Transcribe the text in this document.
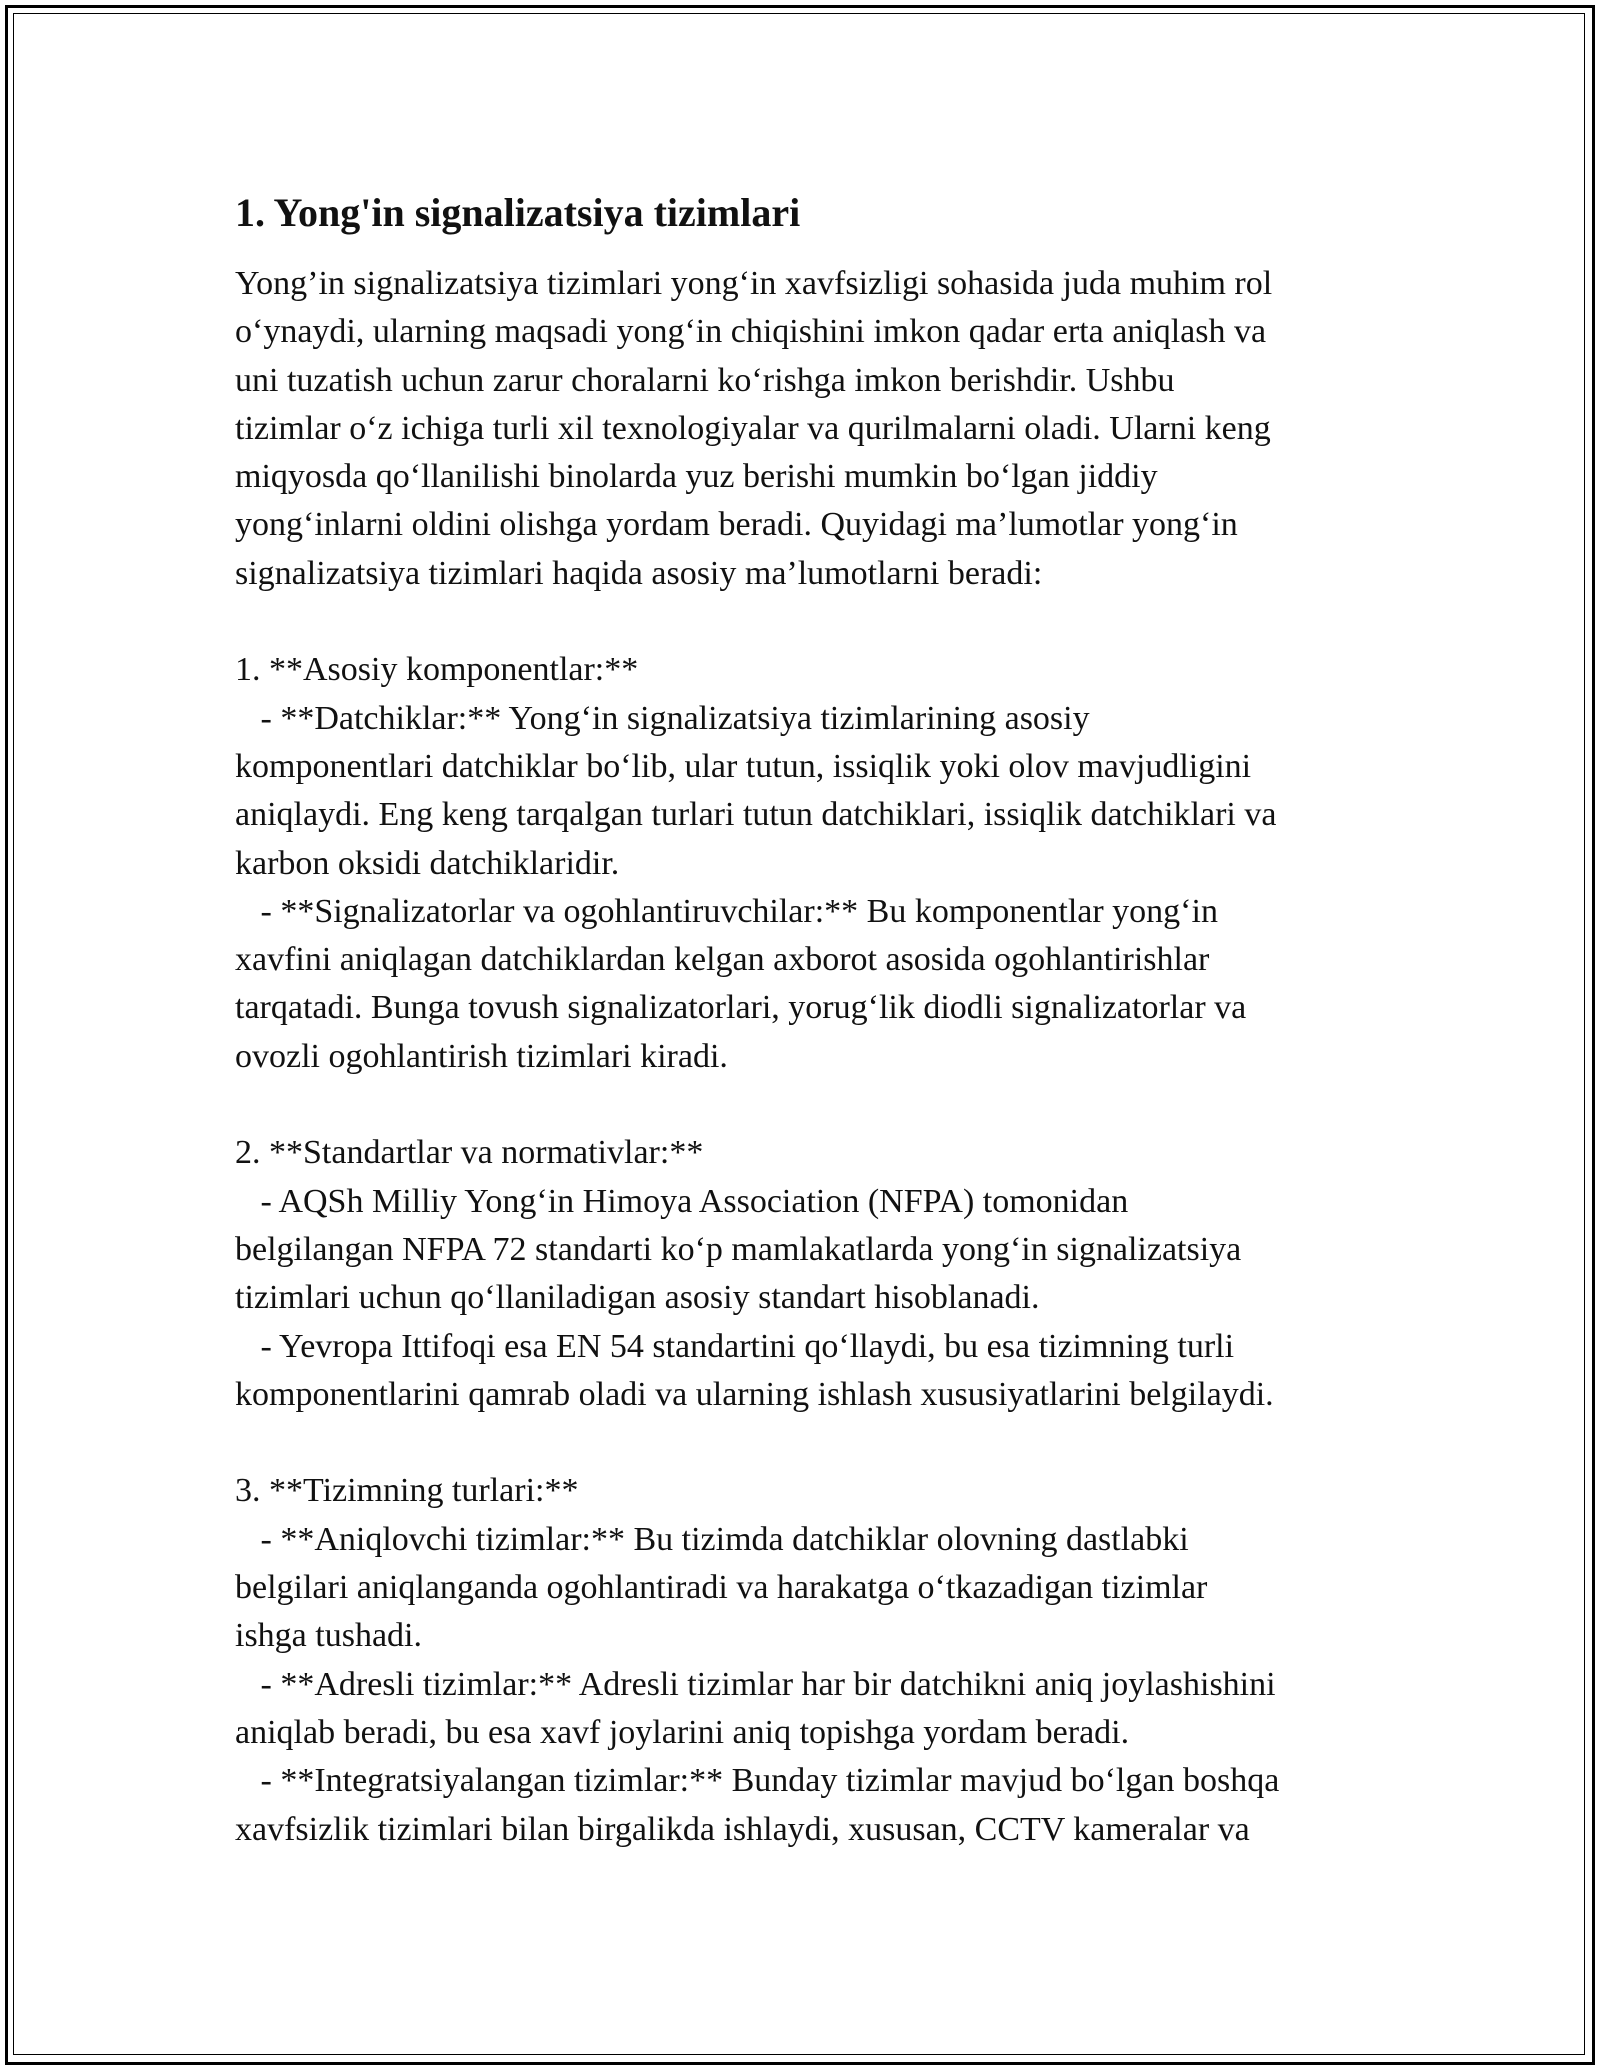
1. Yong'in signalizatsiya tizimlari
Yong’in signalizatsiya tizimlari yong‘in xavfsizligi sohasida juda muhim rol
o‘ynaydi, ularning maqsadi yong‘in chiqishini imkon qadar erta aniqlash va
uni tuzatish uchun zarur choralarni ko‘rishga imkon berishdir. Ushbu
tizimlar o‘z ichiga turli xil texnologiyalar va qurilmalarni oladi. Ularni keng
miqyosda qo‘llanilishi binolarda yuz berishi mumkin bo‘lgan jiddiy
yong‘inlarni oldini olishga yordam beradi. Quyidagi ma’lumotlar yong‘in
signalizatsiya tizimlari haqida asosiy ma’lumotlarni beradi:
1. **Asosiy komponentlar:**
- **Datchiklar:** Yong‘in signalizatsiya tizimlarining asosiy
komponentlari datchiklar bo‘lib, ular tutun, issiqlik yoki olov mavjudligini
aniqlaydi. Eng keng tarqalgan turlari tutun datchiklari, issiqlik datchiklari va
karbon oksidi datchiklaridir.
- **Signalizatorlar va ogohlantiruvchilar:** Bu komponentlar yong‘in
xavfini aniqlagan datchiklardan kelgan axborot asosida ogohlantirishlar
tarqatadi. Bunga tovush signalizatorlari, yorug‘lik diodli signalizatorlar va
ovozli ogohlantirish tizimlari kiradi.
2. **Standartlar va normativlar:**
- AQSh Milliy Yong‘in Himoya Association (NFPA) tomonidan
belgilangan NFPA 72 standarti ko‘p mamlakatlarda yong‘in signalizatsiya
tizimlari uchun qo‘llaniladigan asosiy standart hisoblanadi.
- Yevropa Ittifoqi esa EN 54 standartini qo‘llaydi, bu esa tizimning turli
komponentlarini qamrab oladi va ularning ishlash xususiyatlarini belgilaydi.
3. **Tizimning turlari:**
- **Aniqlovchi tizimlar:** Bu tizimda datchiklar olovning dastlabki
belgilari aniqlanganda ogohlantiradi va harakatga o‘tkazadigan tizimlar
ishga tushadi.
- **Adresli tizimlar:** Adresli tizimlar har bir datchikni aniq joylashishini
aniqlab beradi, bu esa xavf joylarini aniq topishga yordam beradi.
- **Integratsiyalangan tizimlar:** Bunday tizimlar mavjud bo‘lgan boshqa
xavfsizlik tizimlari bilan birgalikda ishlaydi, xususan, CCTV kameralar va
